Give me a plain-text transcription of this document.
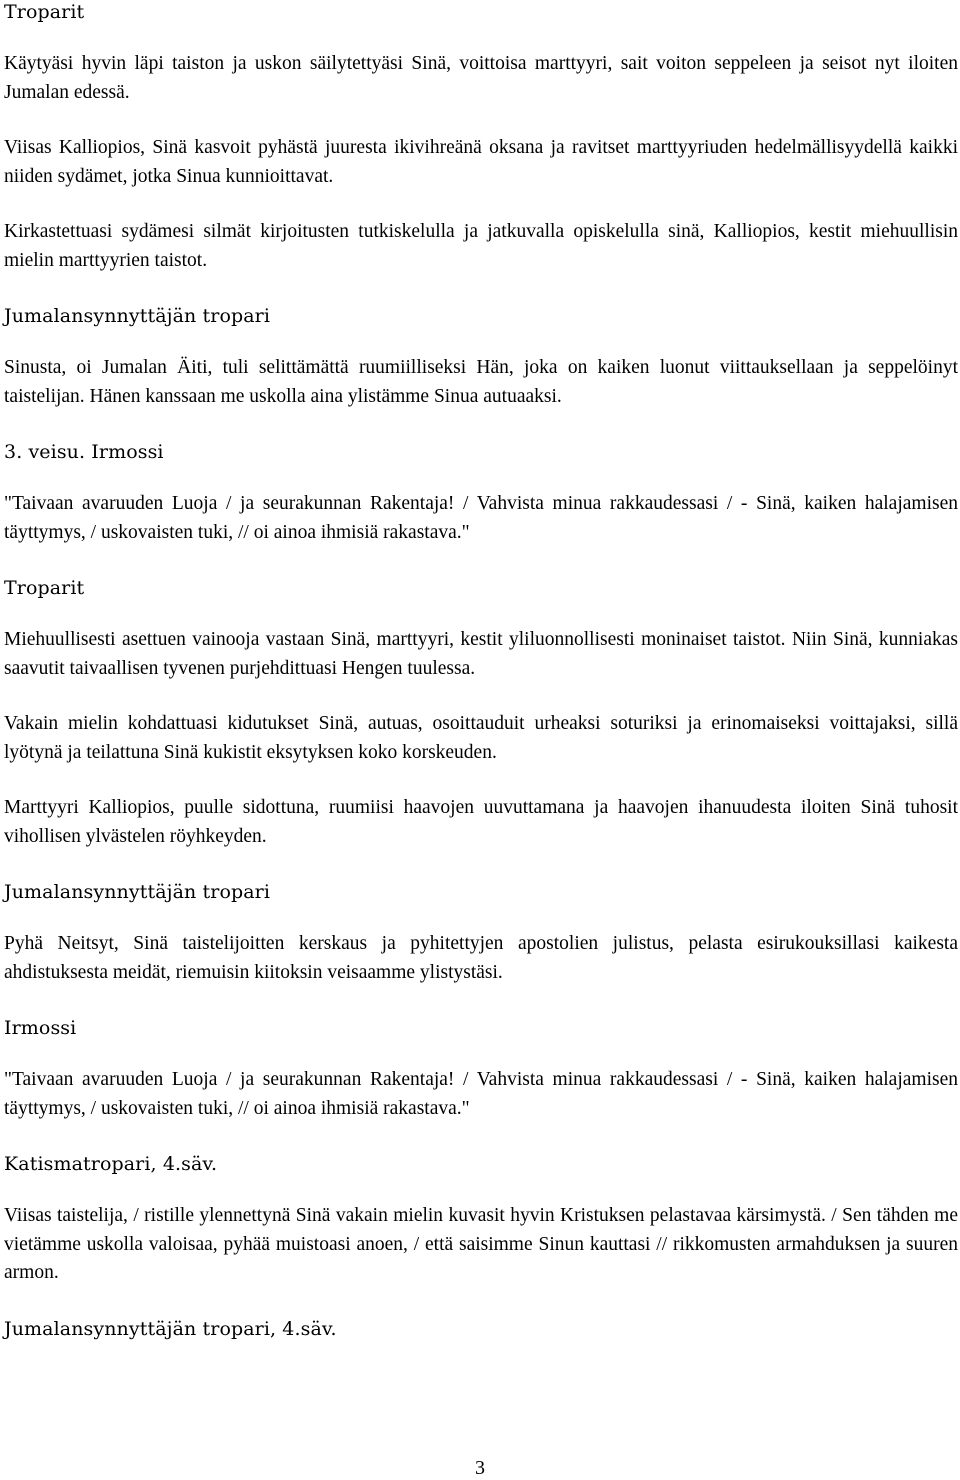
Troparit

Käytyäsi hyvin läpi taiston ja uskon säilytettyäsi Sinä, voittoisa marttyyri, sait voiton seppeleen ja seisot nyt iloiten Jumalan edessä.

Viisas Kalliopios, Sinä kasvoit pyhästä juuresta ikivihreänä oksana ja ravitset marttyyriuden hedelmällisyydellä kaikki niiden sydämet, jotka Sinua kunnioittavat.

Kirkastettuasi sydämesi silmät kirjoitusten tutkiskelulla ja jatkuvalla opiskelulla sinä, Kalliopios, kestit miehuullisin mielin marttyyrien taistot.

Jumalansynnyttäjän tropari

Sinusta, oi Jumalan Äiti, tuli selittämättä ruumiilliseksi Hän, joka on kaiken luonut viittauksellaan ja seppelöinyt taistelijan. Hänen kanssaan me uskolla aina ylistämme Sinua autuaaksi.

3. veisu. Irmossi

"Taivaan avaruuden Luoja / ja seurakunnan Rakentaja! / Vahvista minua rakkaudessasi / - Sinä, kaiken halajamisen täyttymys, / uskovaisten tuki, // oi ainoa ihmisiä rakastava."

Troparit

Miehuullisesti asettuen vainooja vastaan Sinä, marttyyri, kestit yliluonnollisesti moninaiset taistot. Niin Sinä, kunniakas saavutit taivaallisen tyvenen purjehdittuasi Hengen tuulessa.

Vakain mielin kohdattuasi kidutukset Sinä, autuas, osoittauduit urheaksi soturiksi ja erinomaiseksi voittajaksi, sillä lyötynä ja teilattuna Sinä kukistit eksytyksen koko korskeuden.

Marttyyri Kalliopios, puulle sidottuna, ruumiisi haavojen uuvuttamana ja haavojen ihanuudesta iloiten Sinä tuhosit vihollisen ylvästelen röyhkeyden.

Jumalansynnyttäjän tropari

Pyhä Neitsyt, Sinä taistelijoitten kerskaus ja pyhitettyjen apostolien julistus, pelasta esirukouksillasi kaikesta ahdistuksesta meidät, riemuisin kiitoksin veisaamme ylistystäsi.

Irmossi

"Taivaan avaruuden Luoja / ja seurakunnan Rakentaja! / Vahvista minua rakkaudessasi / - Sinä, kaiken halajamisen täyttymys, / uskovaisten tuki, // oi ainoa ihmisiä rakastava."

Katismatropari, 4.säv.

Viisas taistelija, / ristille ylennettynä Sinä vakain mielin kuvasit hyvin Kristuksen pelastavaa kärsimystä. / Sen tähden me vietämme uskolla valoisaa, pyhää muistoasi anoen, / että saisimme Sinun kauttasi // rikkomusten armahduksen ja suuren armon.

Jumalansynnyttäjän tropari, 4.säv.
3
